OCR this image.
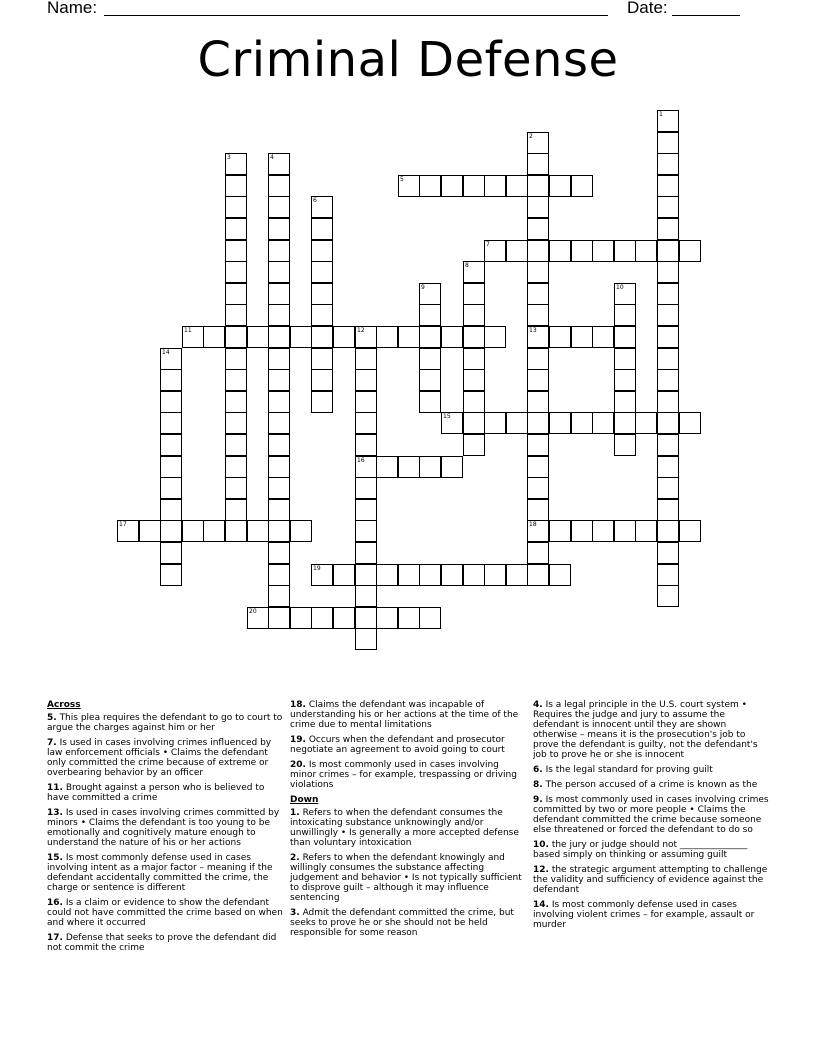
Name:	Date:
Criminal Defense
1
2
13
18
3	4
5
6
7
8
9	10
11	12
16
14
15
17
19
20
Across

5. This plea requires the defendant to go to court to argue the charges against him or her

7. Is used in cases involving crimes influenced by law enforcement officials • Claims the defendant only committed the crime because of extreme or overbearing behavior by an officer

11. Brought against a person who is believed to have committed a crime

13. Is used in cases involving crimes committed by minors • Claims the defendant is too young to be emotionally and cognitively mature enough to understand the nature of his or her actions

15. Is most commonly defense used in cases involving intent as a major factor – meaning if the defendant accidentally committed the crime, the charge or sentence is different

16. Is a claim or evidence to show the defendant could not have committed the crime based on when and where it occurred

17. Defense that seeks to prove the defendant did not commit the crime

18. Claims the defendant was incapable of understanding his or her actions at the time of the crime due to mental limitations

19. Occurs when the defendant and prosecutor negotiate an agreement to avoid going to court

20. Is most commonly used in cases involving minor crimes – for example, trespassing or driving violations

Down

1. Refers to when the defendant consumes the intoxicating substance unknowingly and/or unwillingly • Is generally a more accepted defense than voluntary intoxication

2. Refers to when the defendant knowingly and willingly consumes the substance affecting judgement and behavior • Is not typically sufficient to disprove guilt – although it may influence sentencing

3. Admit the defendant committed the crime, but seeks to prove he or she should not be held responsible for some reason

4. Is a legal principle in the U.S. court system • Requires the judge and jury to assume the defendant is innocent until they are shown otherwise – means it is the prosecution's job to prove the defendant is guilty, not the defendant's job to prove he or she is innocent

6. Is the legal standard for proving guilt

8. The person accused of a crime is known as the

9. Is most commonly used in cases involving crimes committed by two or more people • Claims the defendant committed the crime because someone else threatened or forced the defendant to do so

10. the jury or judge should not _______________ based simply on thinking or assuming guilt

12. the strategic argument attempting to challenge the validity and sufficiency of evidence against the defendant

14. Is most commonly defense used in cases involving violent crimes – for example, assault or murder
